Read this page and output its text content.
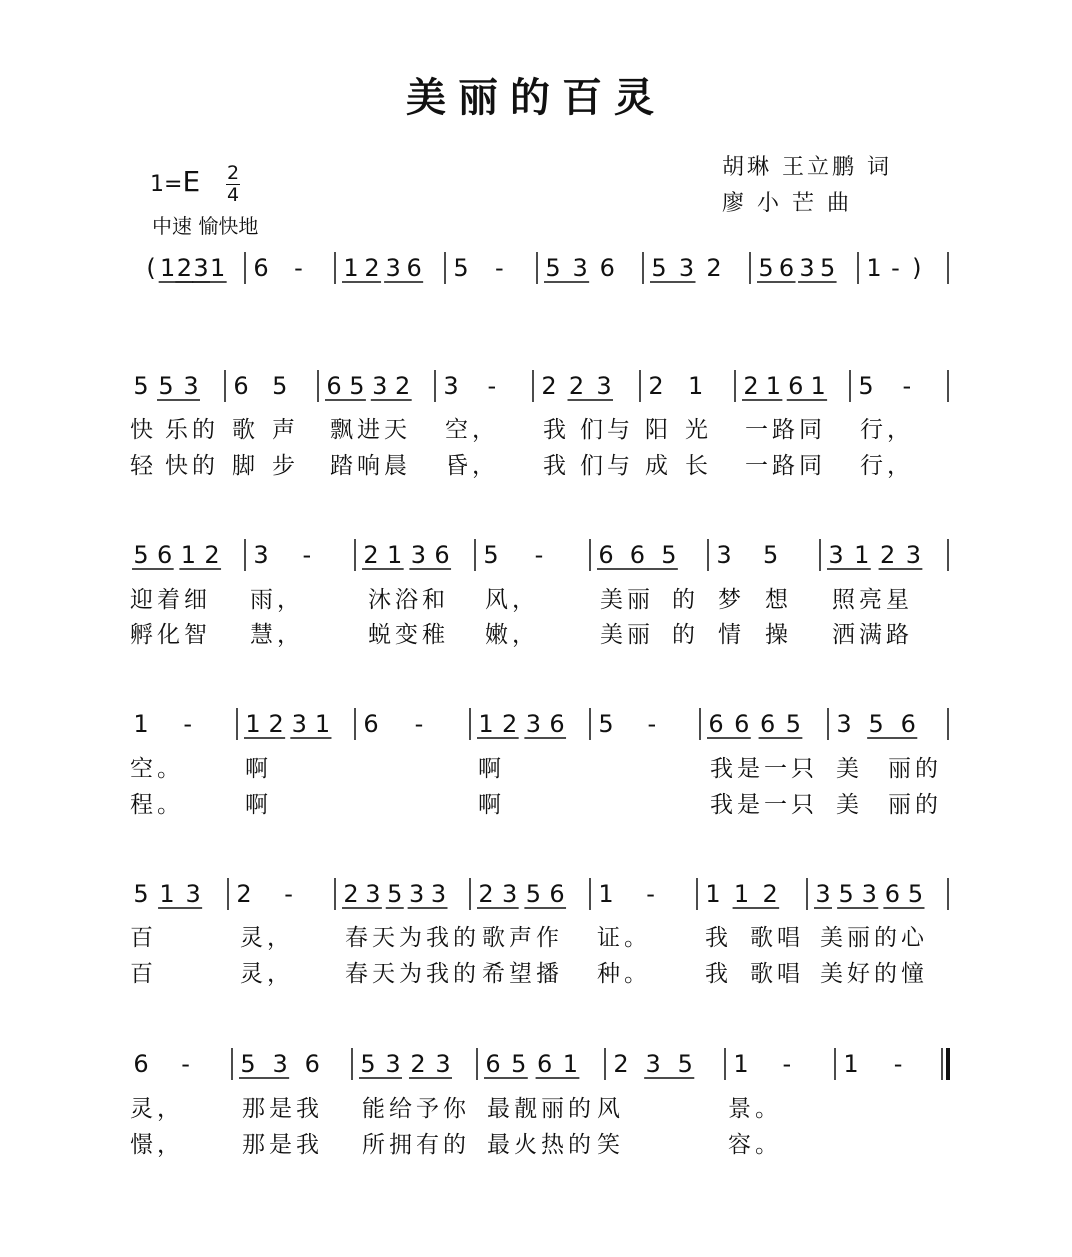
美丽的百灵
1=E 2
4
中速 愉快地
胡琳 王立鹏 词
廖 小 芒 曲
( 1 2 3 1 6 - 1 2 3 6 5 - 5 3 6 5 3 2 5 6 3 5 1 - )
5 5 3 6 5 6 5 3 2 3 - 2 2 3 2 1 2 1 6 1 5 -
快 乐的 歌 声 飘进天 空， 我 们与 阳 光 一路同 行，
轻 快的 脚 步 踏响晨 昏， 我 们与 成 长 一路同 行，
5 6 1 2 3 - 2 1 3 6 5 - 6 6 5 3 5 3 1 2 3
迎着细 雨，	沐浴和 风，	美丽 的 梦 想 照亮星
孵化智 慧，	蜕变稚 嫩，	美丽 的 情 操 洒满路
1 - 1 2 3 1 6 - 1 2 3 6 5 - 6 6 6 5 3 5 6
空。	啊	啊	我是一只 美 丽的
程。	啊	啊	我是一只 美 丽的
5 1 3 2 - 2 3 5 3 3 2 3 5 6 1 - 1 1 2 3 5 3 6 5
百	灵， 春天为我的 歌声作 证。 我 歌唱 美丽的心
百	灵， 春天为我的 希望播 种。 我 歌唱 美好的憧
6 - 5 3 6 5 3 2 3 6 5 6 1 2 3 5 1 - 1 -
灵，	那是我 能给予你 最靓丽的 风	景。
憬，	那是我 所拥有的 最火热的 笑	容。
